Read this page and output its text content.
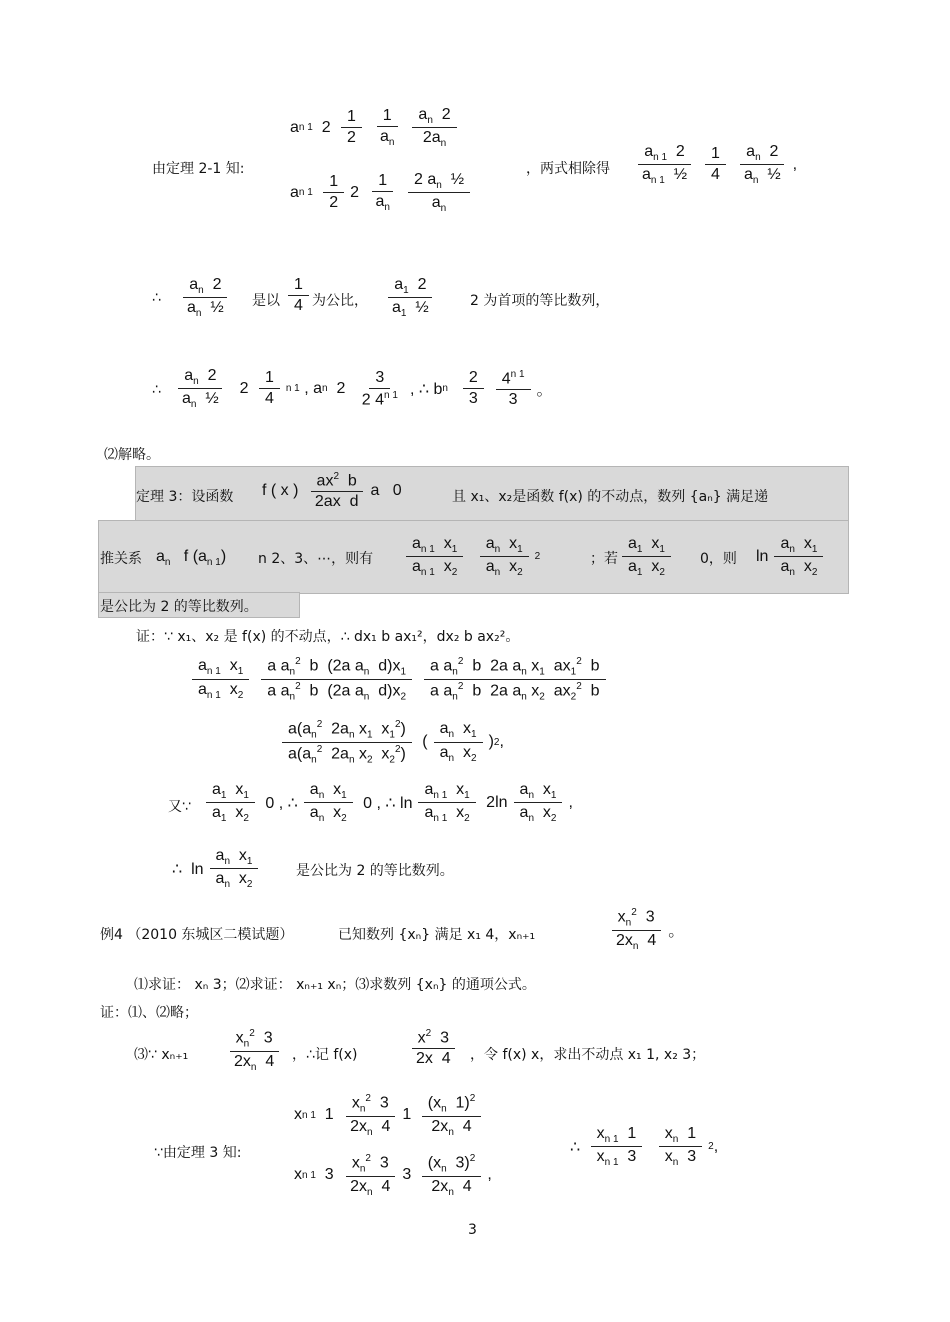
由定理 2-1 知:
a n 1 $2 \frac{1}{2} \frac{1}{a_n} \frac{a_n 2}{2a_n}$
a n 1
$\frac{1}{2} 2 \frac{1}{a_n} \frac{2 a_n \frac{1}{2}}{a_n}$
，两式相除得 $\frac{a_{n 1} 2}{a_{n 1} \frac{1}{2}} \frac{1}{4} \frac{a_n 2}{a_n \frac{1}{2}}$ ,
∴ $\frac{a_n 2}{a_n \frac{1}{2}}$ 是以 $\frac{1}{4}$ 为公比， $\frac{a_1 2}{a_1 \frac{1}{2}}$	2 为首项的等比数列，
∴ $\frac{a_n 2}{a_n \frac{1}{2}} 2 \frac{1}{4}$ n 1 , a n $2 \frac{3}{2 4^{n 1}}$ , ∴ b n
$\frac{2}{3} \frac{4^{n 1}}{3}$ 。
⑵解略。
定理 3：设函数 f ( x ) $\frac{ax^2 b}{\text{2ax  d}}$ a   0	且 x₁、x₂是函数 f(x) 的不动点，数列 {aₙ} 满足递
推关系 $a_n$   f $(a_{n 1})$ n 2、3、⋯，则有 $\frac{a_{n 1} x_1}{a_{n 1} x_2}$
$\frac{a_n x_1}{a_n x_2} 2$	；若 $\frac{a_1 x_1}{a_1 x_2} 0$，则 $\ln \frac{a_n x_1}{a_n x_2}$
是公比为 2 的等比数列。
证：∵ x₁、x₂ 是 f(x) 的不动点，∴ dx₁ b ax₁²，dx₂ b ax₂²。
$\frac{a_{n 1} x_1}{a_{n 1} x_2} \frac{a a_n^2 b (2a a_n d)x_1}{a a_n^2 b (2a a_n d)x_2} \frac{a a_n^2 b 2a a_n x_1 ax_1^2 b}{a a_n^2 b 2a a_n x_2 ax_2^2 b}$
$\frac{a(a_n^2 2a_n x_1 x_1^2)}{a(a_n^2 2a_n x_2 x_2^2)}$ ( $\frac{a_n x_1}{a_n x_2}$ ) 2 ,
又∵ $\frac{a_1 x_1}{a_1 x_2} 0$ , ∴ $\frac{a_n x_1}{a_n x_2} 0$ , ∴ $\ln \frac{a_{n 1} x_1}{a_{n 1} x_2} 2\ln \frac{a_n x_1}{a_n x_2}$ ,
∴  $\ln \frac{a_n x_1}{a_n x_2}$	是公比为 2 的等比数列。
例4 （2010 东城区二模试题）	已知数列 {xₙ} 满足 x₁ 4，xₙ₊₁	$\frac{x_n^2 3}{2x_n 4}$ 。
⑴求证： xₙ 3；⑵求证： xₙ₊₁ xₙ；⑶求数列 {xₙ} 的通项公式。
证：⑴、⑵略；
⑶∵ $x_{n+1} \frac{x_n^2 3}{2x_n 4}$ ，∴记 f(x)	$\frac{x^2 3}{2x 4}$ ，令 f(x) x，求出不动点 x₁ 1, x₂ 3；
∵由定理 3 知:
x n 1 $1 \frac{x_n^2 3}{2x_n 4} 1 \frac{(x_n 1)^2}{2x_n 4}$
x n 1 $3 \frac{x_n^2 3}{2x_n 4} 3 \frac{(x_n 3)^2}{2x_n 4}$ ,
∴ $\frac{x_{n 1} 1}{x_{n 1} 3}$
$\frac{x_n 1}{x_n 3} 2$ ,
3
